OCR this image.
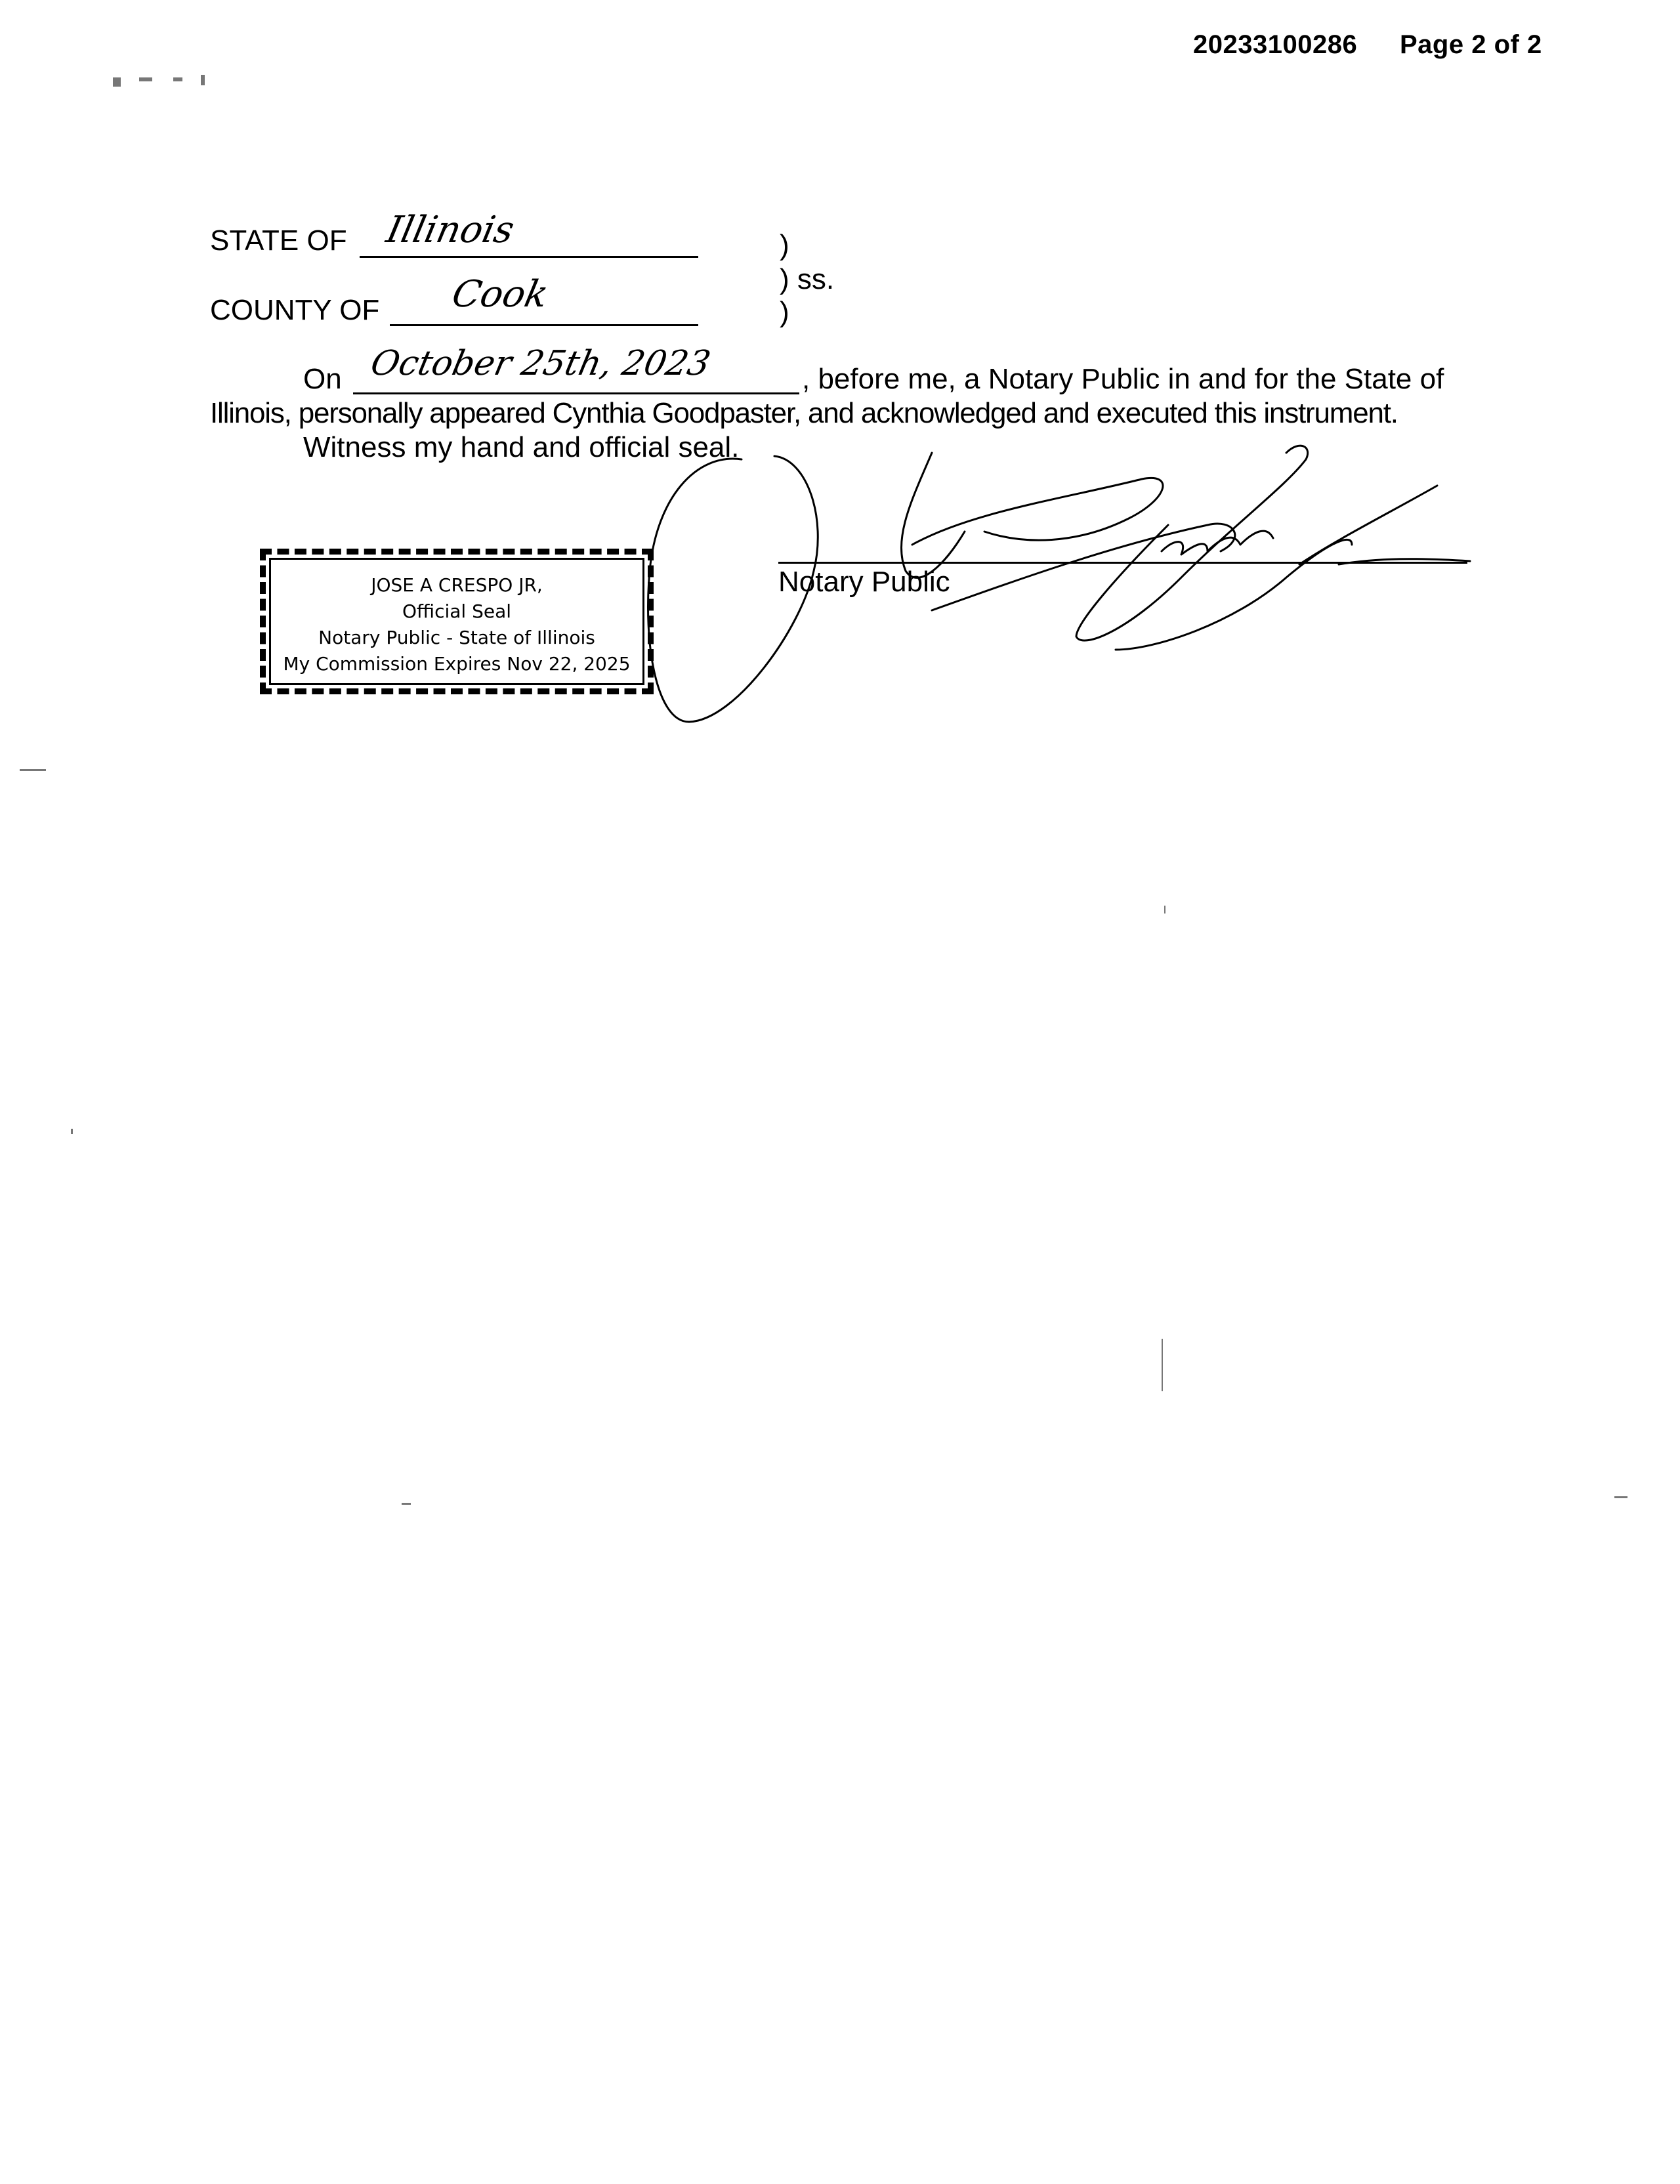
20233100286 Page 2 of 2
STATE OF Illinois
COUNTY OF Cook
)
) ss.
)
On October 25th, 2023	, before me, a Notary Public in and for the State of
Illinois, personally appeared Cynthia Goodpaster, and acknowledged and executed this instrument.
Witness my hand and official seal.
JOSE A CRESPO JR,
Official Seal
Notary Public - State of Illinois
My Commission Expires Nov 22, 2025
Notary Public
